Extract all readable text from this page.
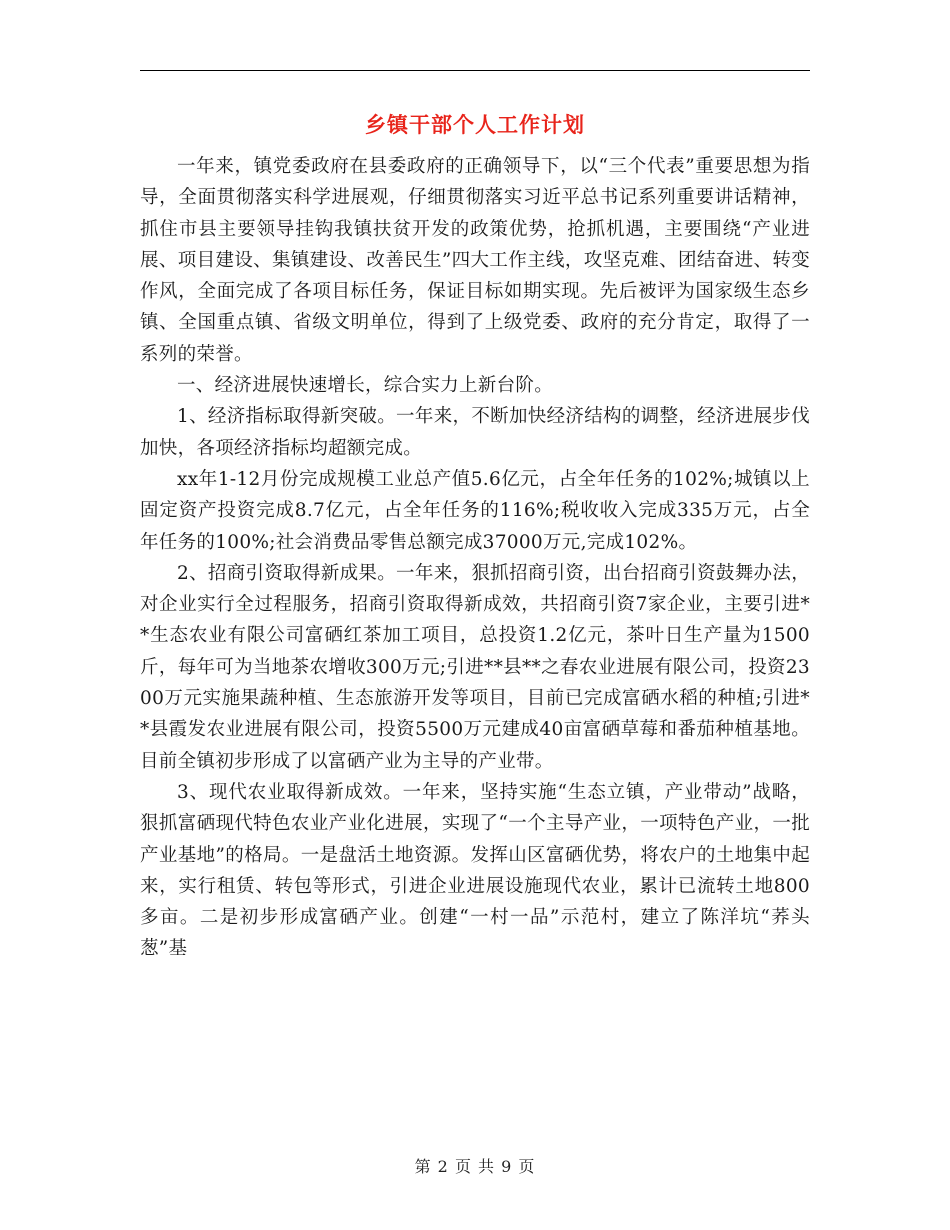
乡镇干部个人工作计划

一年来，镇党委政府在县委政府的正确领导下，以“三个代表”重要思想为指导，全面贯彻落实科学进展观，仔细贯彻落实习近平总书记系列重要讲话精神，抓住市县主要领导挂钩我镇扶贫开发的政策优势，抢抓机遇，主要围绕“产业进展、项目建设、集镇建设、改善民生”四大工作主线，攻坚克难、团结奋进、转变作风，全面完成了各项目标任务，保证目标如期实现。先后被评为国家级生态乡镇、全国重点镇、省级文明单位，得到了上级党委、政府的充分肯定，取得了一系列的荣誉。

一、经济进展快速增长，综合实力上新台阶。

1、经济指标取得新突破。一年来，不断加快经济结构的调整，经济进展步伐加快，各项经济指标均超额完成。

xx年1-12月份完成规模工业总产值5.6亿元，占全年任务的102%;城镇以上固定资产投资完成8.7亿元，占全年任务的116%;税收收入完成335万元，占全年任务的100%;社会消费品零售总额完成37000万元,完成102%。

2、招商引资取得新成果。一年来，狠抓招商引资，出台招商引资鼓舞办法，对企业实行全过程服务，招商引资取得新成效，共招商引资7家企业，主要引进**生态农业有限公司富硒红茶加工项目，总投资1.2亿元，茶叶日生产量为1500斤，每年可为当地茶农增收300万元;引进**县**之春农业进展有限公司，投资2300万元实施果蔬种植、生态旅游开发等项目，目前已完成富硒水稻的种植;引进**县霞发农业进展有限公司，投资5500万元建成40亩富硒草莓和番茄种植基地。目前全镇初步形成了以富硒产业为主导的产业带。

3、现代农业取得新成效。一年来，坚持实施“生态立镇，产业带动”战略，狠抓富硒现代特色农业产业化进展，实现了“一个主导产业，一项特色产业，一批产业基地”的格局。一是盘活土地资源。发挥山区富硒优势，将农户的土地集中起来，实行租赁、转包等形式，引进企业进展设施现代农业，累计已流转土地800多亩。二是初步形成富硒产业。创建“一村一品”示范村，建立了陈洋坑“荞头葱”基

第 2 页 共 9 页
